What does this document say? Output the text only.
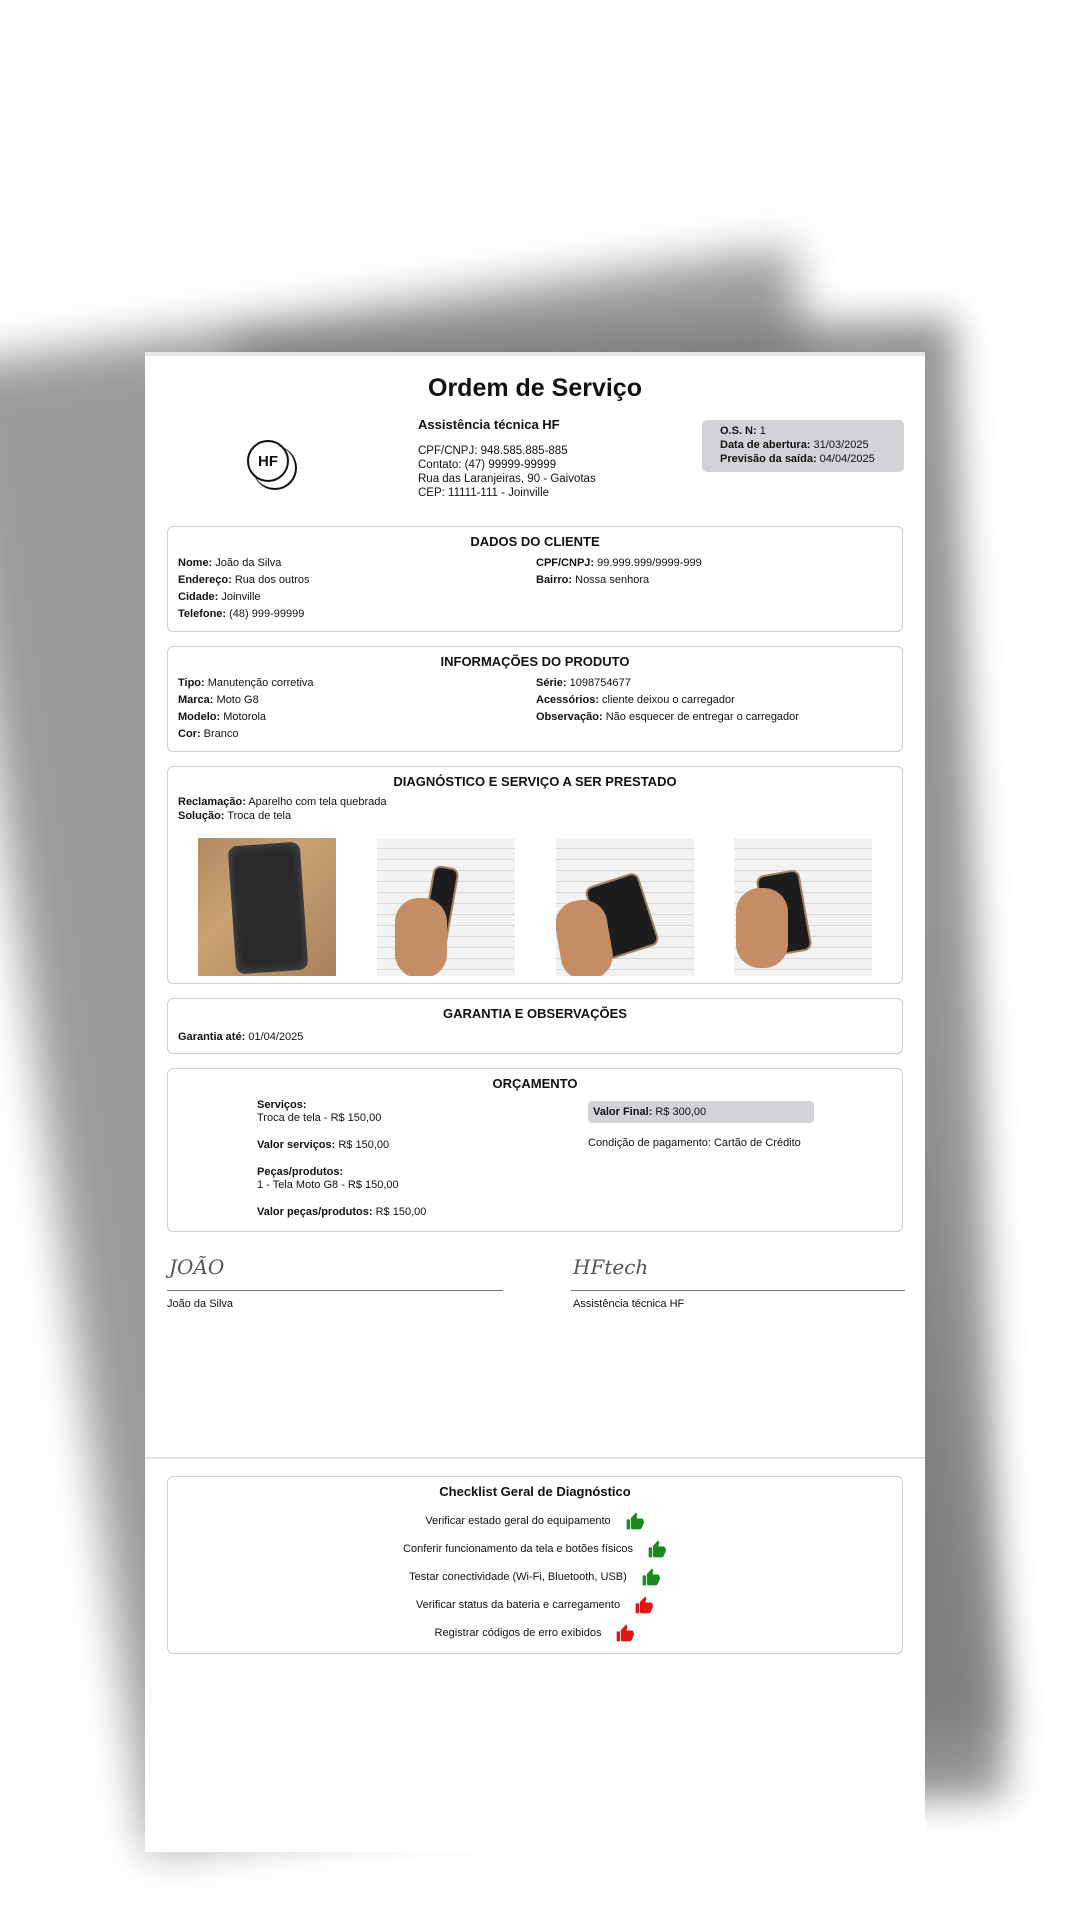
Ordem de Serviço
HF
Assistência técnica HF
CPF/CNPJ: 948.585.885-885
Contato: (47) 99999-99999
Rua das Laranjeiras, 90 - Gaivotas
CEP: 11111-111 - Joinville
O.S. N: 1
Data de abertura: 31/03/2025
Previsão da saída: 04/04/2025
DADOS DO CLIENTE
Nome: João da Silva
Endereço: Rua dos outros
Cidade: Joinville
Telefone: (48) 999-99999
CPF/CNPJ: 99.999.999/9999-999
Bairro: Nossa senhora
INFORMAÇÕES DO PRODUTO
Tipo: Manutenção corretiva
Marca: Moto G8
Modelo: Motorola
Cor: Branco
Série: 1098754677
Acessórios: cliente deixou o carregador
Observação: Não esquecer de entregar o carregador
DIAGNÓSTICO E SERVIÇO A SER PRESTADO
Reclamação: Aparelho com tela quebrada
Solução: Troca de tela
GARANTIA E OBSERVAÇÕES
Garantia até: 01/04/2025
ORÇAMENTO
Serviços:
Troca de tela - R$ 150,00
Valor serviços: R$ 150,00
Peças/produtos:
1 - Tela Moto G8 - R$ 150,00
Valor peças/produtos: R$ 150,00
Valor Final: R$ 300,00
Condição de pagamento: Cartão de Crédito
JOÃO
João da Silva
HFtech
Assistência técnica HF
Checklist Geral de Diagnóstico
Verificar estado geral do equipamento
Conferir funcionamento da tela e botões físicos
Testar conectividade (Wi-Fi, Bluetooth, USB)
Verificar status da bateria e carregamento
Registrar códigos de erro exibidos
